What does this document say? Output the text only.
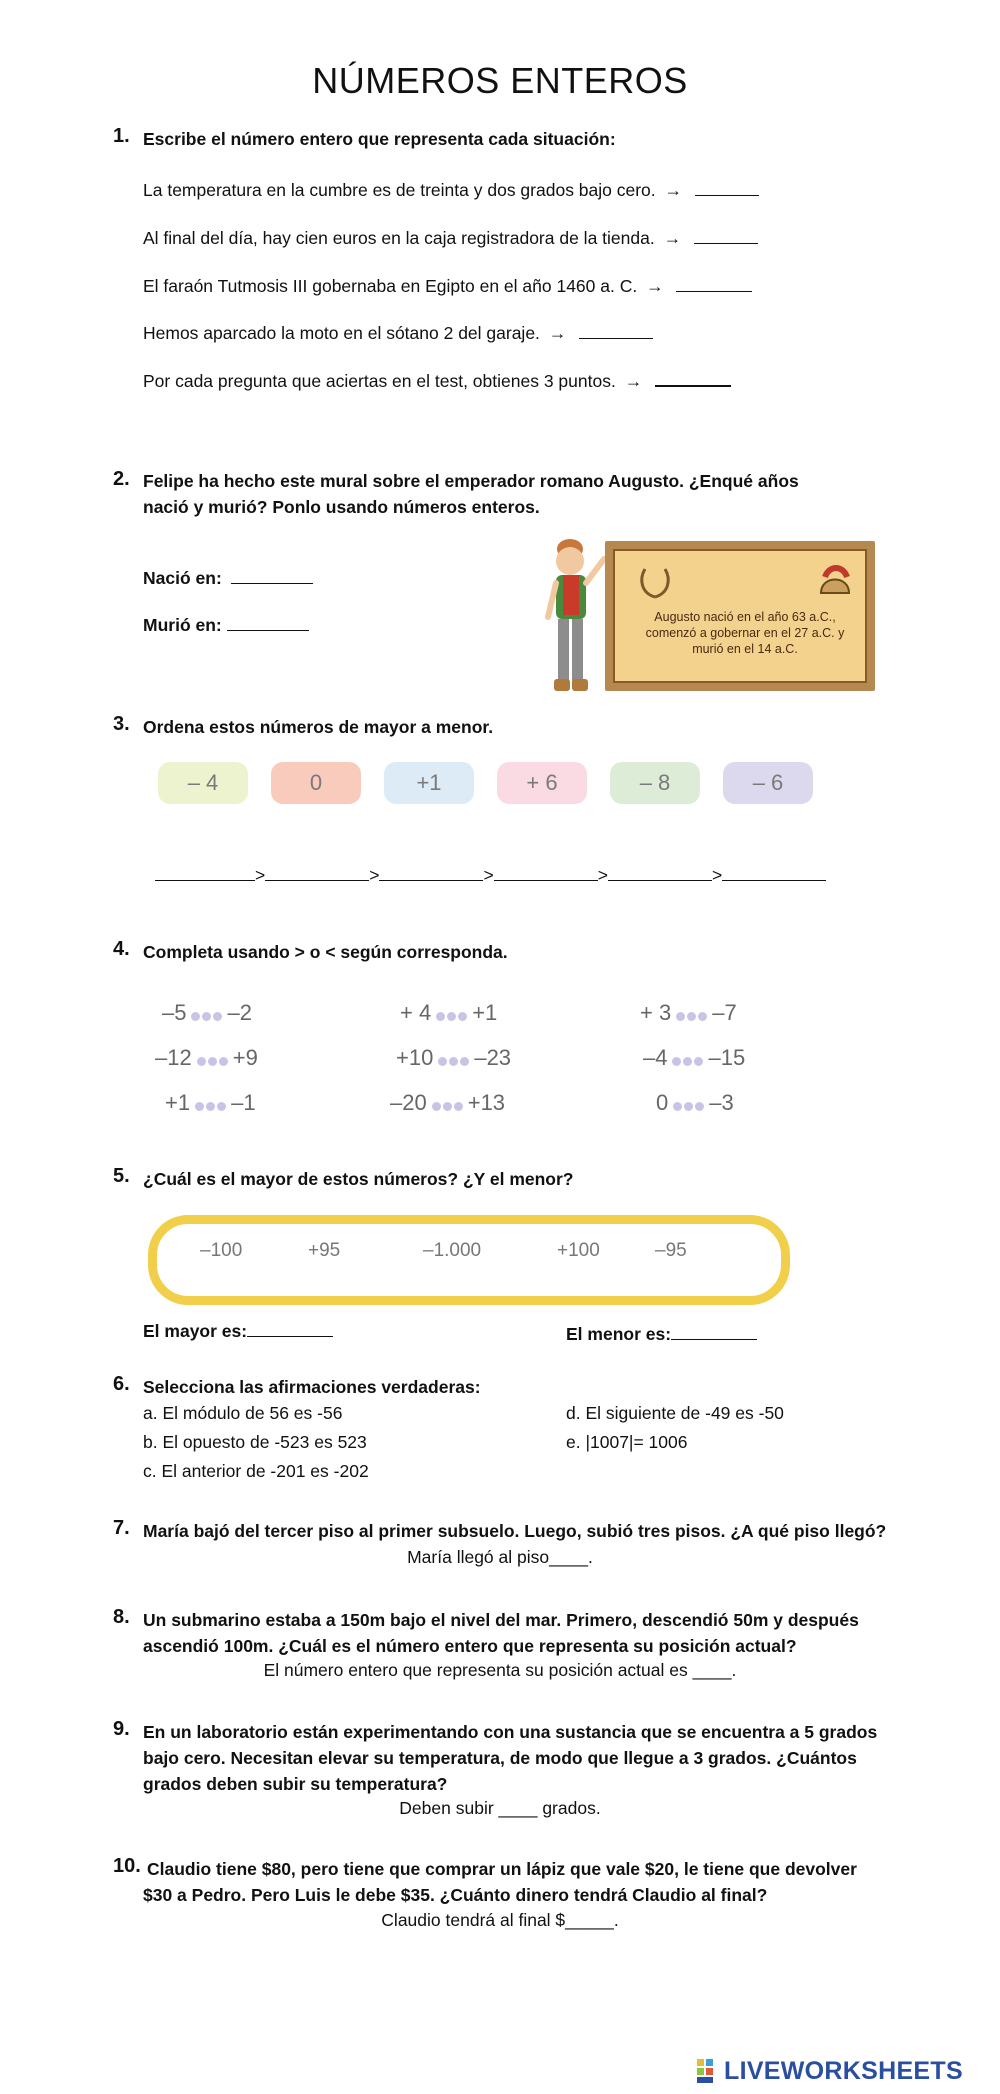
NÚMEROS ENTEROS
1. Escribe el número entero que representa cada situación:
La temperatura en la cumbre es de treinta y dos grados bajo cero. →
Al final del día, hay cien euros en la caja registradora de la tienda. →
El faraón Tutmosis III gobernaba en Egipto en el año 1460 a. C. →
Hemos aparcado la moto en el sótano 2 del garaje. →
Por cada pregunta que aciertas en el test, obtienes 3 puntos. →
2. Felipe ha hecho este mural sobre el emperador romano Augusto. ¿Enqué años
nació y murió? Ponlo usando números enteros.
Nació en:
Murió en:	Augusto nació en el año 63 a.C., comenzó a gobernar en el 27 a.C. y murió en el 14 a.C.
3. Ordena estos números de mayor a menor.
– 4	0	+1	+ 6	– 8	– 6
>	>	>	>	>
4. Completa usando > o < según corresponda.
–5 –2	+ 4 +1	+ 3 –7
–12 +9	+10 –23	–4 –15
+1 –1	–20 +13	0 –3
5. ¿Cuál es el mayor de estos números? ¿Y el menor?
–100	+95	–1.000	+100	–95
El mayor es:	El menor es:
6. Selecciona las afirmaciones verdaderas:
a. El módulo de 56 es -56
b. El opuesto de -523 es 523
c. El anterior de -201 es -202
d. El siguiente de -49 es -50
e. |1007|= 1006
7. María bajó del tercer piso al primer subsuelo. Luego, subió tres pisos. ¿A qué piso llegó?
María llegó al piso____.
8. Un submarino estaba a 150m bajo el nivel del mar. Primero, descendió 50m y después
ascendió 100m. ¿Cuál es el número entero que representa su posición actual?
El número entero que representa su posición actual es ____.
9. En un laboratorio están experimentando con una sustancia que se encuentra a 5 grados
bajo cero. Necesitan elevar su temperatura, de modo que llegue a 3 grados. ¿Cuántos
grados deben subir su temperatura?
Deben subir ____ grados.
10. Claudio tiene $80, pero tiene que comprar un lápiz que vale $20, le tiene que devolver
$30 a Pedro. Pero Luis le debe $35. ¿Cuánto dinero tendrá Claudio al final?
Claudio tendrá al final $_____.
LIVEWORKSHEETS
